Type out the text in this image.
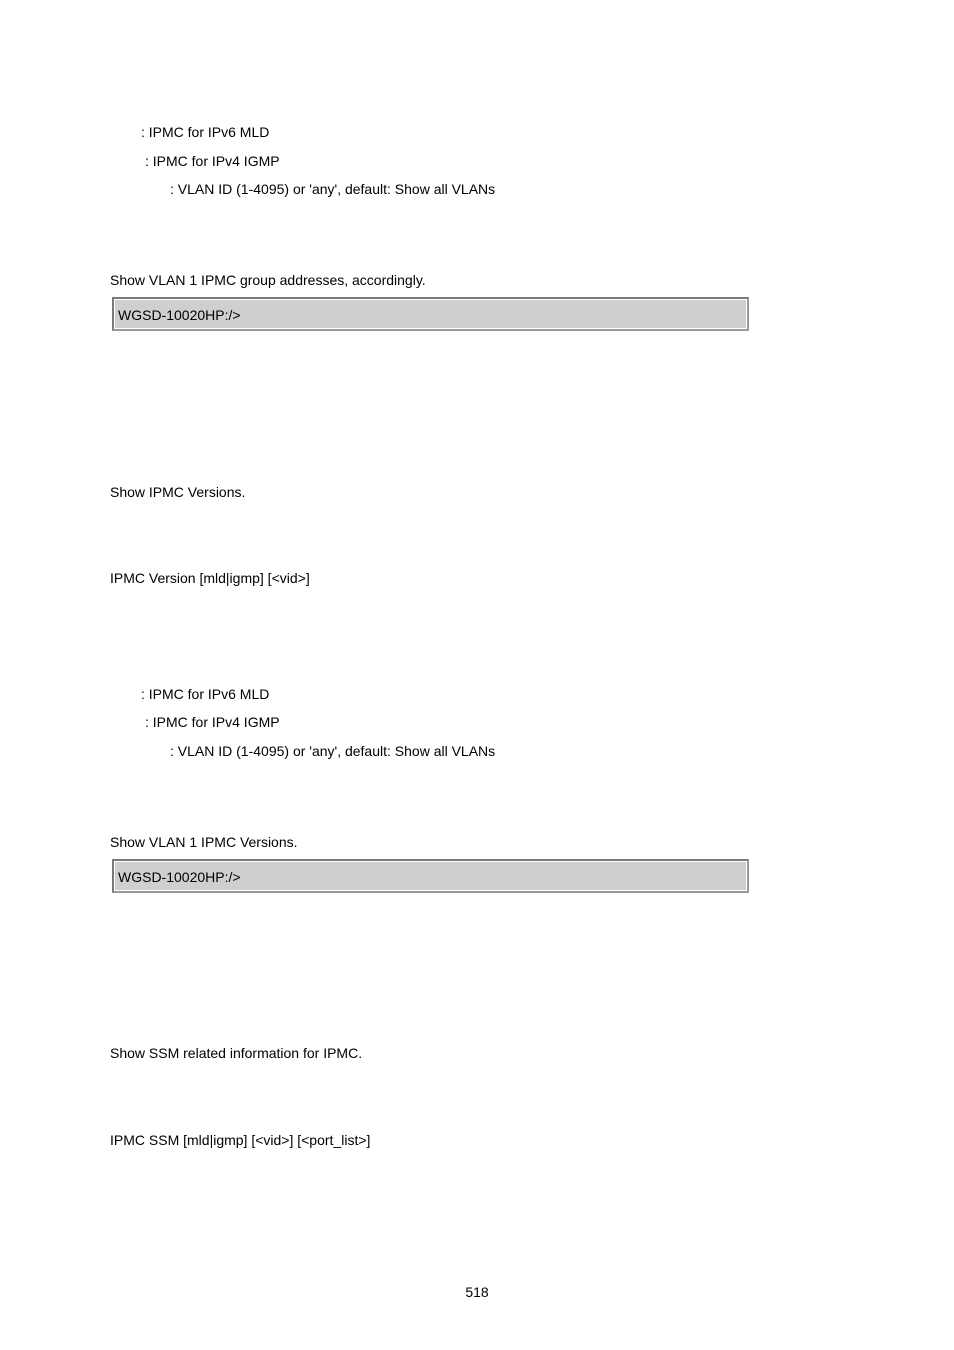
: IPMC for IPv6 MLD
: IPMC for IPv4 IGMP
: VLAN ID (1-4095) or 'any', default: Show all VLANs
Show VLAN 1 IPMC group addresses, accordingly.
WGSD-10020HP:/>
Show IPMC Versions.
IPMC Version [mld|igmp] [<vid>]
: IPMC for IPv6 MLD
: IPMC for IPv4 IGMP
: VLAN ID (1-4095) or 'any', default: Show all VLANs
Show VLAN 1 IPMC Versions.
WGSD-10020HP:/>
Show SSM related information for IPMC.
IPMC SSM [mld|igmp] [<vid>] [<port_list>]
518
